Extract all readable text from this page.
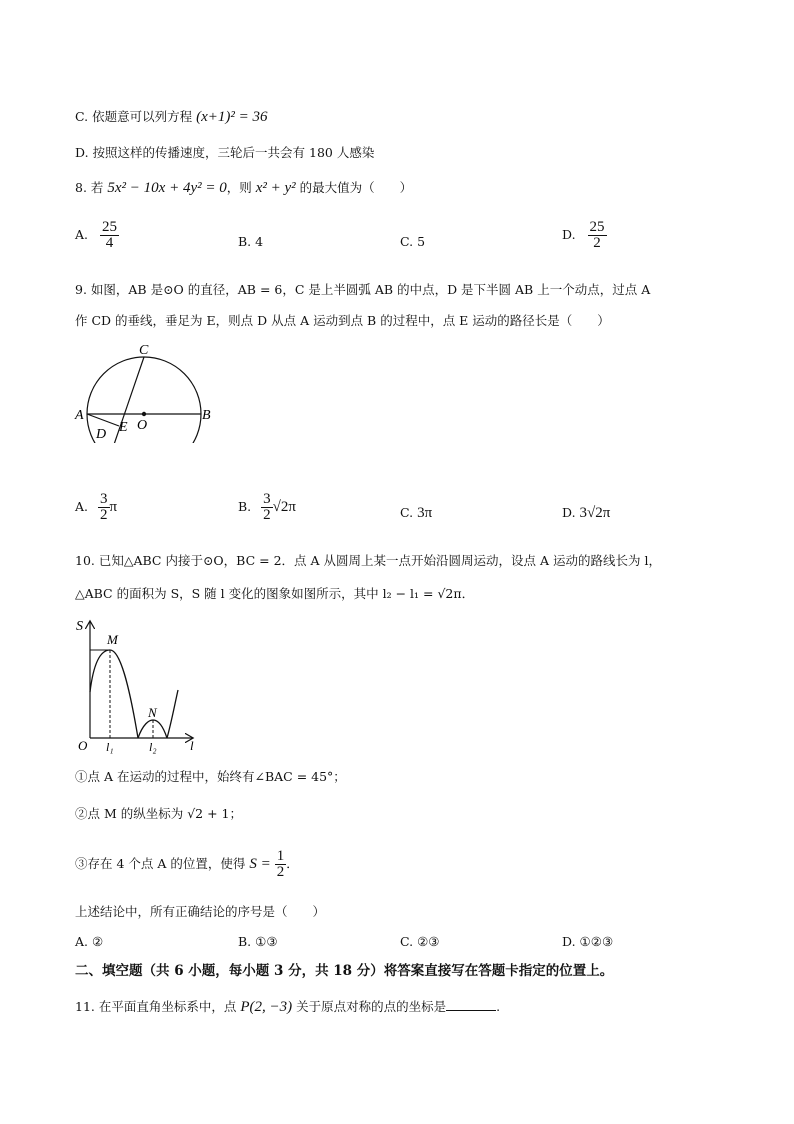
C. 依题意可以列方程 (x+1)² = 36
D. 按照这样的传播速度，三轮后一共会有 180 人感染
8. 若 5x² − 10x + 4y² = 0，则 x² + y² 的最大值为（　　）
A. $\frac{25}{4}$	B. 4	C. 5	D. $\frac{25}{2}$
9. 如图，AB 是⊙O 的直径，AB = 6，C 是上半圆弧 AB 的中点，D 是下半圆 AB 上一个动点，过点 A
作 CD 的垂线，垂足为 E，则点 D 从点 A 运动到点 B 的过程中，点 E 运动的路径长是（　　）
C
A	B
O
E
D
A. $\frac{3}{2}$ π	B. $\frac{3}{2} √2\pi$	C. 3π	D. 3√2π
10. 已知△ABC 内接于⊙O，BC = 2．点 A 从圆周上某一点开始沿圆周运动，设点 A 运动的路线长为 l，
△ABC 的面积为 S，S 随 l 变化的图象如图所示，其中 l₂ − l₁ = √2π．
S
M
N
O l₁	l₂	l
①点 A 在运动的过程中，始终有∠BAC = 45°；
②点 M 的纵坐标为 √2 + 1；
③存在 4 个点 A 的位置，使得 $S = \frac{1}{2}$ ．
上述结论中，所有正确结论的序号是（　　）
A. ②	B. ①③	C. ②③	D. ①②③
二、填空题（共 6 小题，每小题 3 分，共 18 分）将答案直接写在答题卡指定的位置上。
11. 在平面直角坐标系中，点 P(2, −3) 关于原点对称的点的坐标是	.
